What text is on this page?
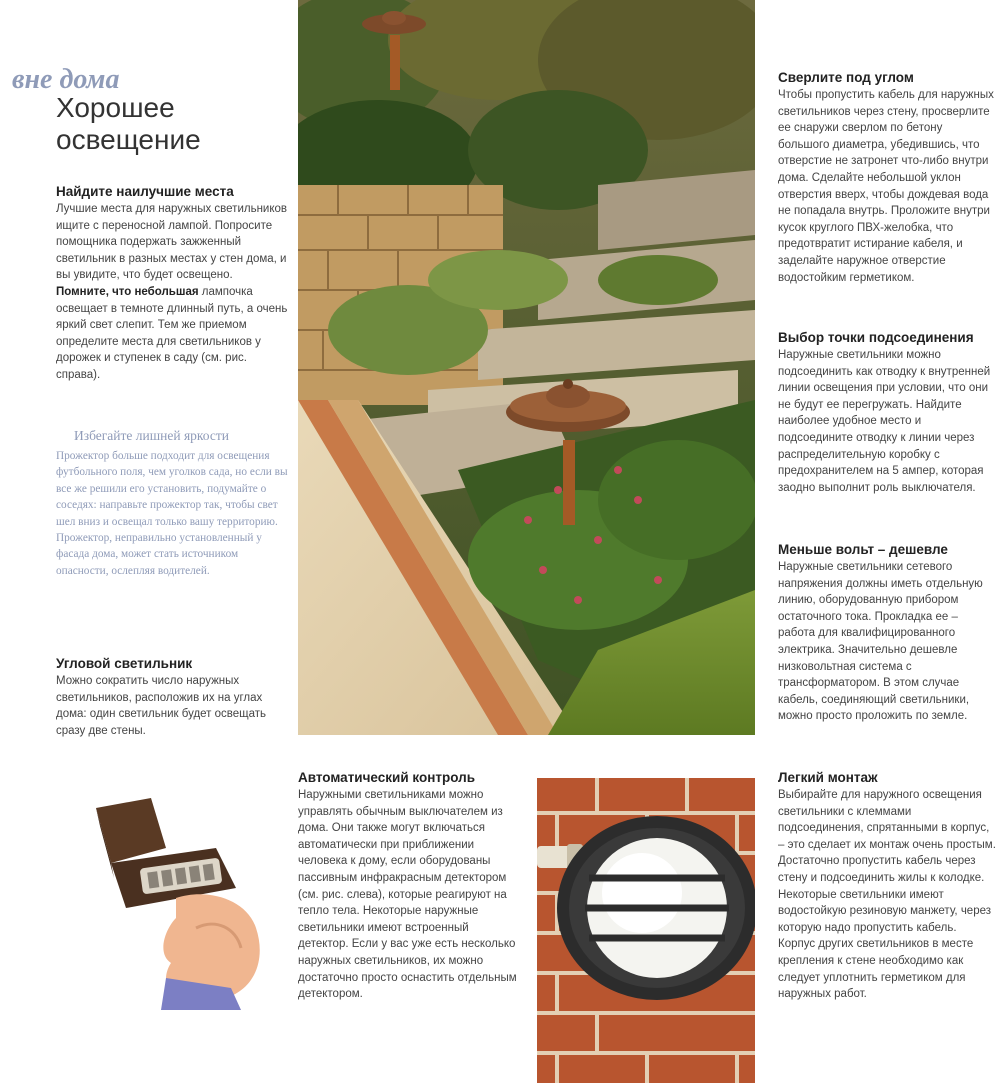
вне дома
Хорошее
освещение
Найдите наилучшие места

Лучшие места для наружных светильников ищите с переносной лампой. Попросите помощника подержать зажженный светильник в разных местах у стен дома, и вы увидите, что будет освещено. Помните, что небольшая лампочка освещает в темноте длинный путь, а очень яркий свет слепит. Тем же приемом определите места для светильников у дорожек и ступенек в саду (см. рис. справа).

Избегайте лишней яркости

Прожектор больше подходит для освещения футбольного поля, чем уголков сада, но если вы все же решили его установить, подумайте о соседях: направьте прожектор так, чтобы свет шел вниз и освещал только вашу территорию. Прожектор, неправильно установленный у фасада дома, может стать источником опасности, ослепляя водителей.

Угловой светильник

Можно сократить число наружных светильников, расположив их на углах дома: один светильник будет освещать сразу две стены.

Сверлите под углом

Чтобы пропустить кабель для наружных светильников через стену, просверлите ее снаружи сверлом по бетону большого диаметра, убедившись, что отверстие не затронет что-либо внутри дома. Сделайте небольшой уклон отверстия вверх, чтобы дождевая вода не попадала внутрь. Проложите внутри кусок круглого ПВХ-желобка, что предотвратит истирание кабеля, и заделайте наружное отверстие водостойким герметиком.

Выбор точки подсоединения

Наружные светильники можно подсоединить как отводку к внутренней линии освещения при условии, что они не будут ее перегружать. Найдите наиболее удобное место и подсоедините отводку к линии через распределительную коробку с предохранителем на 5 ампер, которая заодно выполнит роль выключателя.

Меньше вольт – дешевле

Наружные светильники сетевого напряжения должны иметь отдельную линию, оборудованную прибором остаточного тока. Прокладка ее – работа для квалифицированного электрика. Значительно дешевле низковольтная система с трансформатором. В этом случае кабель, соединяющий светильники, можно просто проложить по земле.

Легкий монтаж

Выбирайте для наружного освещения светильники с клеммами подсоединения, спрятанными в корпус, – это сделает их монтаж очень простым. Достаточно пропустить кабель через стену и подсоединить жилы к колодке. Некоторые светильники имеют водостойкую резиновую манжету, через которую надо пропустить кабель. Корпус других светильников в месте крепления к стене необходимо как следует уплотнить герметиком для наружных работ.

Автоматический контроль

Наружными светильниками можно управлять обычным выключателем из дома. Они также могут включаться автоматически при приближении человека к дому, если оборудованы пассивным инфракрасным детектором (см. рис. слева), которые реагируют на тепло тела. Некоторые наружные светильники имеют встроенный детектор. Если у вас уже есть несколько наружных светильников, их можно достаточно просто оснастить отдельным детектором.
